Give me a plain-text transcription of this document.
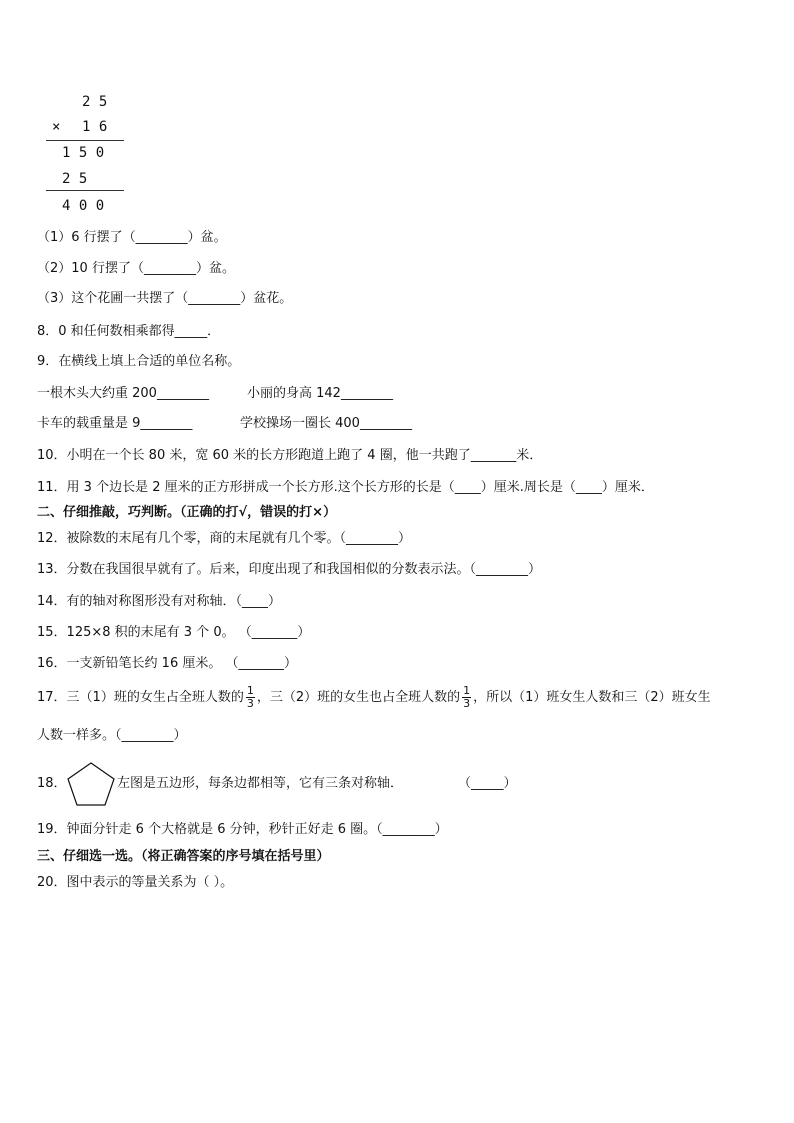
2 5
× 1 6
1 5 0
2 5
4 0 0
（1）6 行摆了（________）盆。
（2）10 行摆了（________）盆。
（3）这个花圃一共摆了（________）盆花。
8．0 和任何数相乘都得_____．
9．在横线上填上合适的单位名称。
一根木头大约重 200________	小丽的身高 142________
卡车的载重量是 9________	学校操场一圈长 400________
10．小明在一个长 80 米，宽 60 米的长方形跑道上跑了 4 圈，他一共跑了_______米．
11．用 3 个边长是 2 厘米的正方形拼成一个长方形.这个长方形的长是（____）厘米.周长是（____）厘米．
二、仔细推敲，巧判断。（正确的打√，错误的打×）
12．被除数的末尾有几个零，商的末尾就有几个零。（________）
13．分数在我国很早就有了。后来，印度出现了和我国相似的分数表示法。（________）
14．有的轴对称图形没有对称轴．（____）
15．125×8 积的末尾有 3 个 0。 （_______）
16．一支新铅笔长约 16 厘米。 （_______）
17．三（1）班的女生占全班人数的 $\frac{1}{3}$ ，三（2）班的女生也占全班人数的 $\frac{1}{3}$ ，所以（1）班女生人数和三（2）班女生
人数一样多。（________）
18．	左图是五边形，每条边都相等，它有三条对称轴．	（_____）
19．钟面分针走 6 个大格就是 6 分钟，秒针正好走 6 圈。（________）
三、仔细选一选。（将正确答案的序号填在括号里）
20．图中表示的等量关系为（ ）。
